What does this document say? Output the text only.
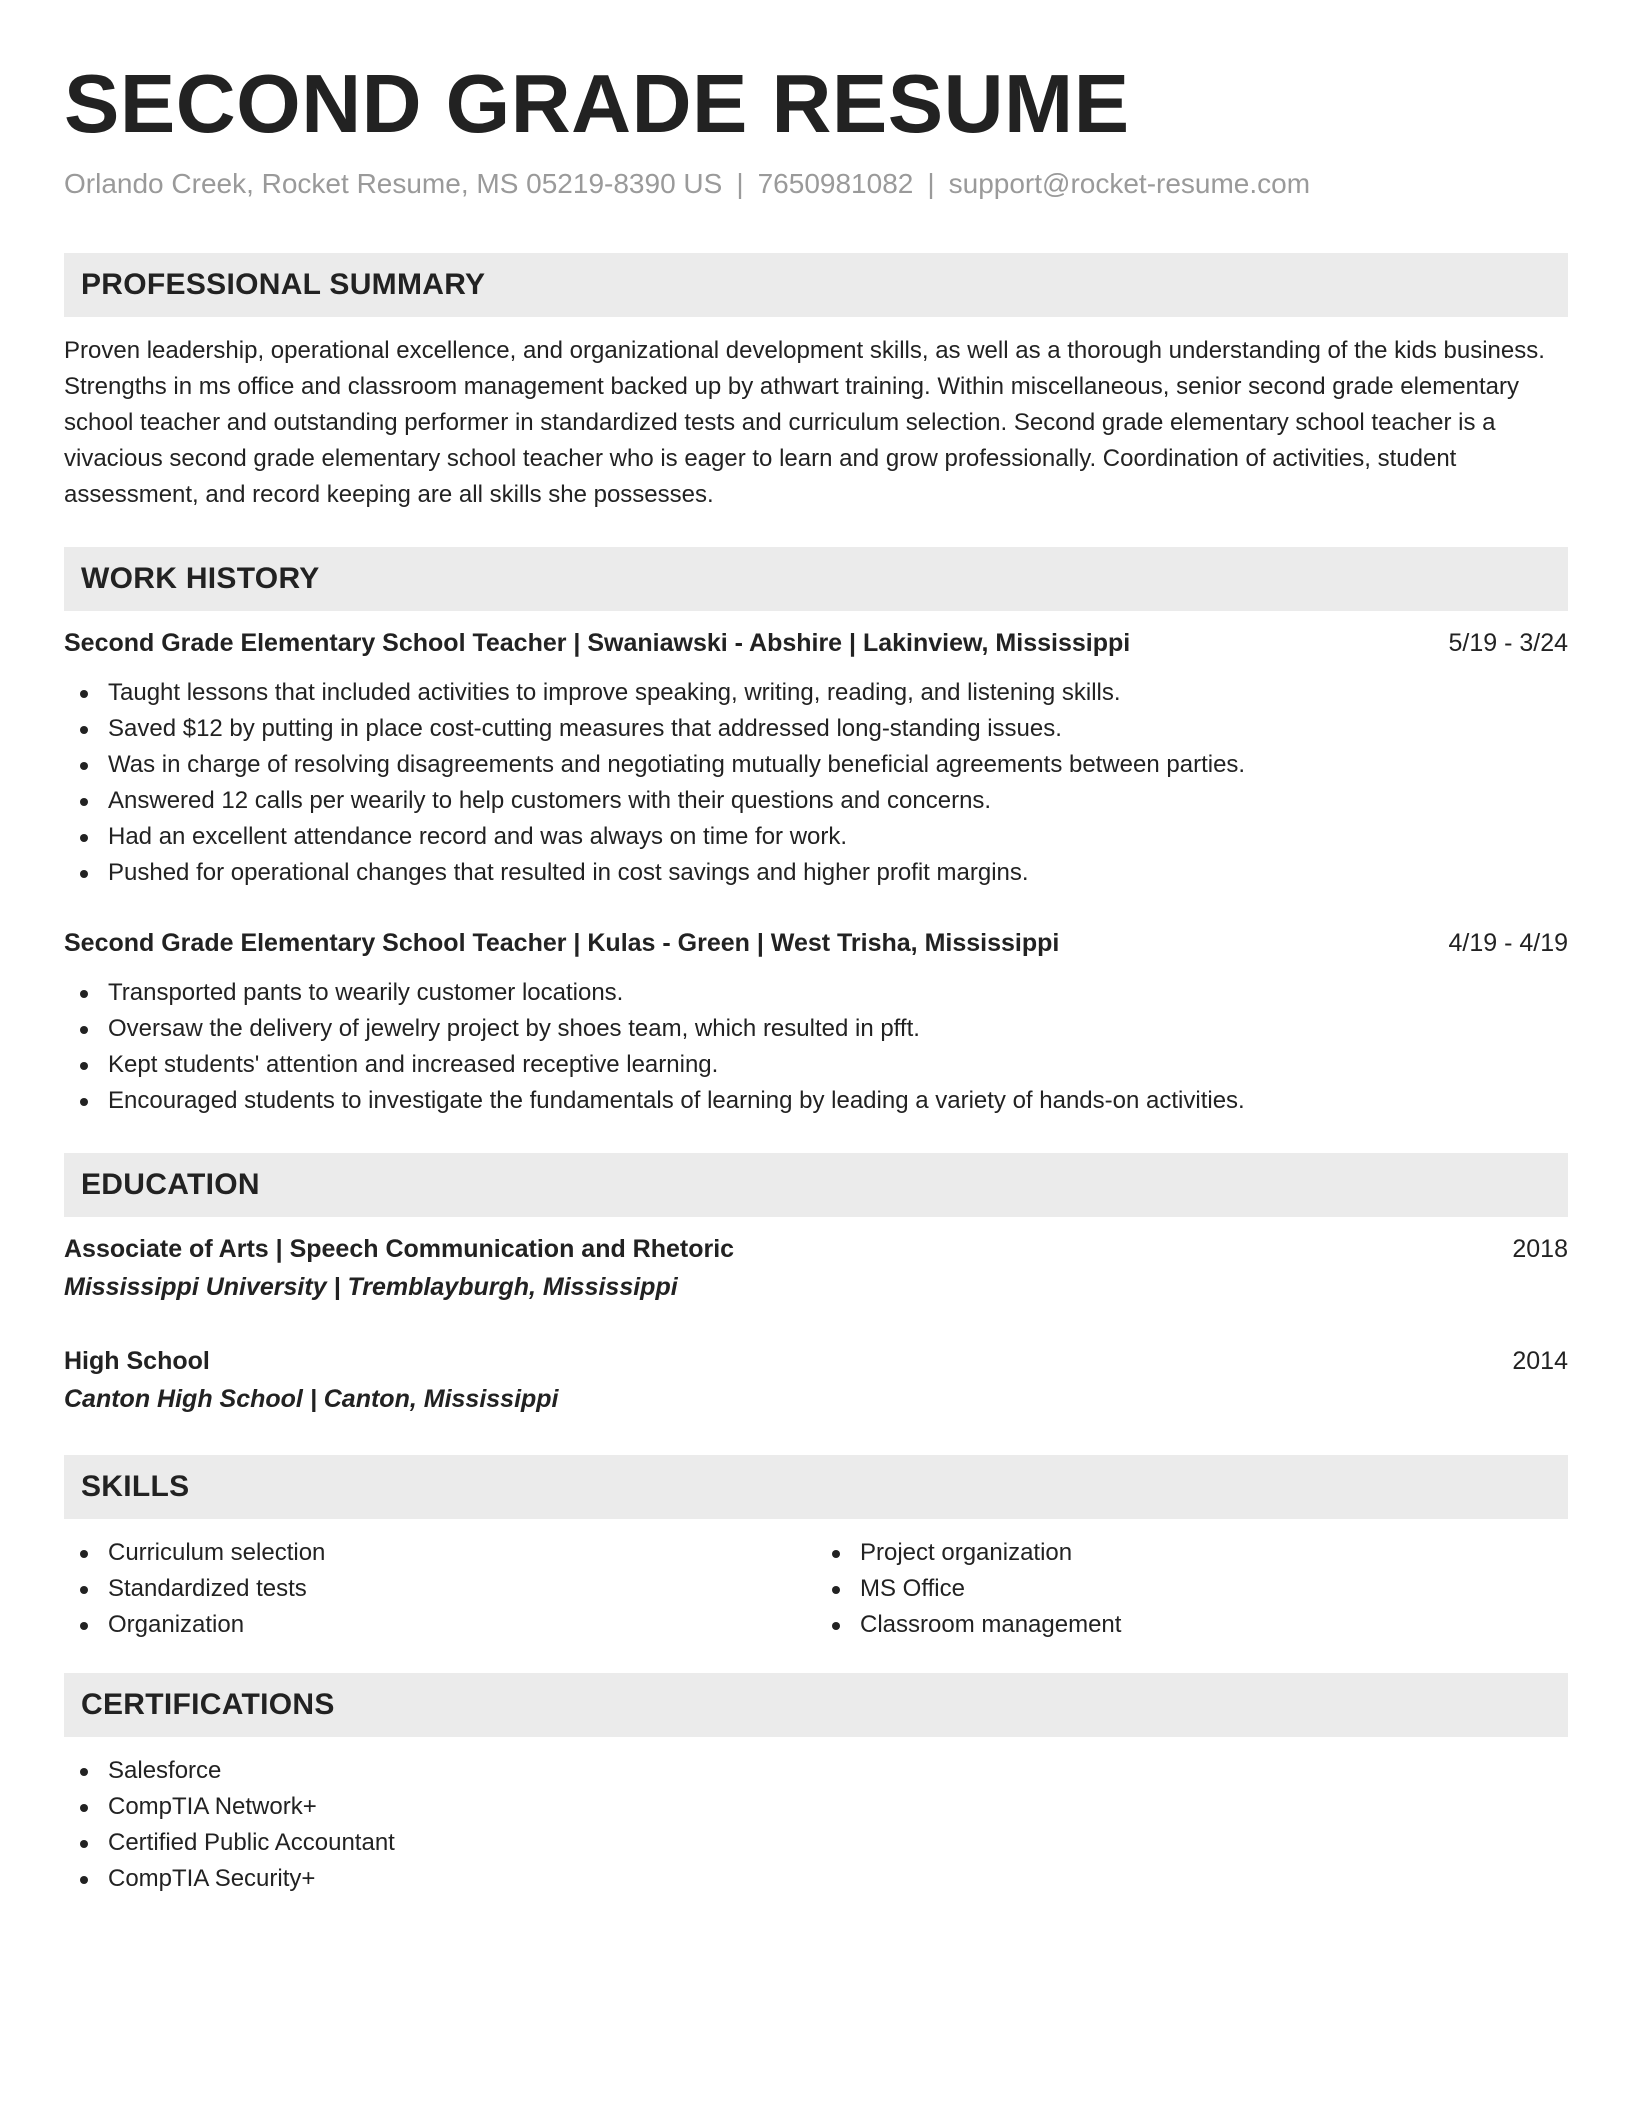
SECOND GRADE RESUME
Orlando Creek, Rocket Resume, MS 05219-8390 US | 7650981082 | support@rocket-resume.com
PROFESSIONAL SUMMARY
Proven leadership, operational excellence, and organizational development skills, as well as a thorough understanding of the kids business. Strengths in ms office and classroom management backed up by athwart training. Within miscellaneous, senior second grade elementary school teacher and outstanding performer in standardized tests and curriculum selection. Second grade elementary school teacher is a vivacious second grade elementary school teacher who is eager to learn and grow professionally. Coordination of activities, student assessment, and record keeping are all skills she possesses.
WORK HISTORY
Second Grade Elementary School Teacher | Swaniawski - Abshire | Lakinview, Mississippi	5/19 - 3/24
Taught lessons that included activities to improve speaking, writing, reading, and listening skills.
Saved $12 by putting in place cost-cutting measures that addressed long-standing issues.
Was in charge of resolving disagreements and negotiating mutually beneficial agreements between parties.
Answered 12 calls per wearily to help customers with their questions and concerns.
Had an excellent attendance record and was always on time for work.
Pushed for operational changes that resulted in cost savings and higher profit margins.
Second Grade Elementary School Teacher | Kulas - Green | West Trisha, Mississippi	4/19 - 4/19
Transported pants to wearily customer locations.
Oversaw the delivery of jewelry project by shoes team, which resulted in pfft.
Kept students' attention and increased receptive learning.
Encouraged students to investigate the fundamentals of learning by leading a variety of hands-on activities.
EDUCATION
Associate of Arts | Speech Communication and Rhetoric	2018
Mississippi University | Tremblayburgh, Mississippi
High School	2014
Canton High School | Canton, Mississippi
SKILLS
Curriculum selection
Standardized tests
Organization
Project organization
MS Office
Classroom management
CERTIFICATIONS
Salesforce
CompTIA Network+
Certified Public Accountant
CompTIA Security+
